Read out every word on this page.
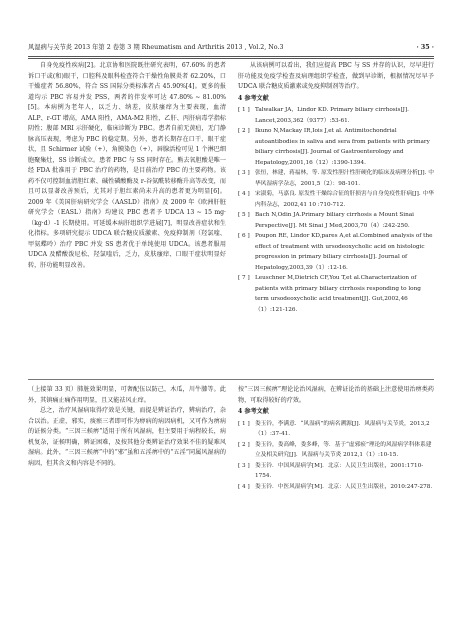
风湿病与关节炎 2013 年第 2 卷第 3 期 Rheumatism and Arthritis 2013 , Vol.2, No.3	· 35 ·

自身免疫性疾病[2]。北京协和医院既往研究表明，67.60% 的患者诉口干或(和)眼干，口腔科及眼科检查符合干燥性角膜炎者 62.20%，口干燥症者 56.80%，符合 SS 国际分类标准者占 45.90%[4]。更多的报道均示 PBC 容易并发 PSS，两者的伴发率可达 47.80% ~ 81.00%[5]。本病例为老年人，以乏力、纳差，皮肤瘙痒为主要表现，血清 ALP、r-GT 增高，AMA 阳性，AMA-M2 阳性，乙肝、丙肝病毒学指标阴性；腹部 MRI 示肝硬化，临床诊断为 PBC。患者自前无黄疸，无门静脉高压表现，考虑为 PBC 的稳定期。另外，患者长期存在口干、眼干症状，且 Schirmer 试验（+），角膜染色（+），唇腺活检可见 1 个淋巴细胞聚集灶，SS 诊断成立。患者 PBC 与 SS 同时存在。熊去氧胆酸是唯一经 FDA 批准用于 PBC 治疗的药物，是目前治疗 PBC 的主要药物。该药不仅可控制血清胆红素、碱性磷酸酶及 r-谷氨酰转移酶升高等改变，而且可以显著改善预后，尤其对于胆红素尚未升高的患者更为明显[6]。2009 年《美国肝病研究学会（AASLD）指南》及 2009 年《欧洲肝脏研究学会（EASL）指南》均建议 PBC 患者予 UDCA 13 ~ 15 mg·（kg·d）-1 长期使用。可延缓本病肝组织学进展[7]，明显改善症状和生化指标。多项研究提示 UDCA 联合糖皮质激素、免疫抑制剂（羟氯喹、甲氨蝶呤）治疗 PBC 并发 SS 患者优于单纯使用 UDCA。该患者服用 UDCA 及醋酸泼尼松、羟氯喹后，乏力，皮肤瘙痒、口眼干症状明显好转，肝功能明显改善。

从该病例可以看出，我们应提高 PBC 与 SS 并存的认识，尽早进行肝功能及免疫学检查及病理组织学检查，做到早诊断，根据情况尽早予 UDCA 联合糖皮质激素或免疫抑制剂等治疗。

4 参考文献
[ 1 ] Talwalkar JA，Lindor KD. Primary biliary cirrhosis[J]. Lancet,2003,362（9377）:53-61.
[ 2 ] Ikuno N,Mackay IR,Iois J,et al. Antimitochondrial autoantibodies in saliva and sera from patients with primary biliary cirrhosis[J]. Journal of Gastroenterology and Hepatology,2001,16（12）:1390-1394.
[ 3 ] 张恒，林建，蒋福林，等. 原发性胆汁性肝硬化的临床及病理分析[J]. 中华风湿病学杂志，2001,5（2）：98-101.
[ 4 ] 宋淑菊，马嘉良. 原发性干燥综合征的肝损害与自身免疫性肝病[J]. 中华内科杂志，2002,41 10 :710-712.
[ 5 ] Bach N,Odin JA.Primary biliary cirrhosis a Mount Sinai Perspective[J]. Mt Sinai J Med,2003,70（4）:242-250.
[ 6 ] Poupon RE, Lindor KD,pares A,et al.Combined analysis of the effect of treatment with ursodeoxycholic acid on histologic progression in primary biliary cirrhosis[J]. Journal of Hepatology,2003,39（1）:12-16.
[ 7 ] Leuschner M,Dietrich CF,You T,et al.Characterization of patients with primary biliary cirrhosis responding to long term ursodeoxycholic acid treatment[J]. Gut,2002,46（1）:121-126.

（上接第 33 页）肺脏效果明显，可奢配伍以防己，木瓜，川牛膝等。此外，其镇痛止痛作用明显，且又能祛风止痒。

总之，治疗风湿病取得疗效是关键，而提是辨证治疗，辨病治疗，杂合以治。正虚，邪实，痰瘀三者即可作为痹病的病因病机，又可作为痹病的证候分类。“三因三候痹”适用于所有风湿病，但主要用于病程较长，病机复杂，证候明确，辨证困难，及按其他分类辨证治疗效果不佳的疑难风湿病。此外，“三因三候痹”中的“邪”虽和五淫痹中的“五淫”同属风湿病的病因，但其含义和内容是不同的。

按“三因三候痹”理论论治风湿病，在辨证论治的基础上注意使用治痹类药物，可取得较好的疗效。

4 参考文献
[ 1 ] 娄玉钤，李满意．“风湿病”的病名溯源[J]．风湿病与关节炎，2013,2（1）:37-41.
[ 2 ] 娄玉钤，娄高峰，娄多峰，等．基于“虚邪瘀”理论的风湿病学科体系建立及相关研究[J]．风湿病与关节炎 2012,1（1）:10-15.
[ 3 ] 娄玉钤．中国风湿病学[M]．北京：人民卫生出版社，2001:1710-1754.
[ 4 ] 娄玉钤．中医风湿病学[M]．北京：人民卫生出版社，2010:247-278.
